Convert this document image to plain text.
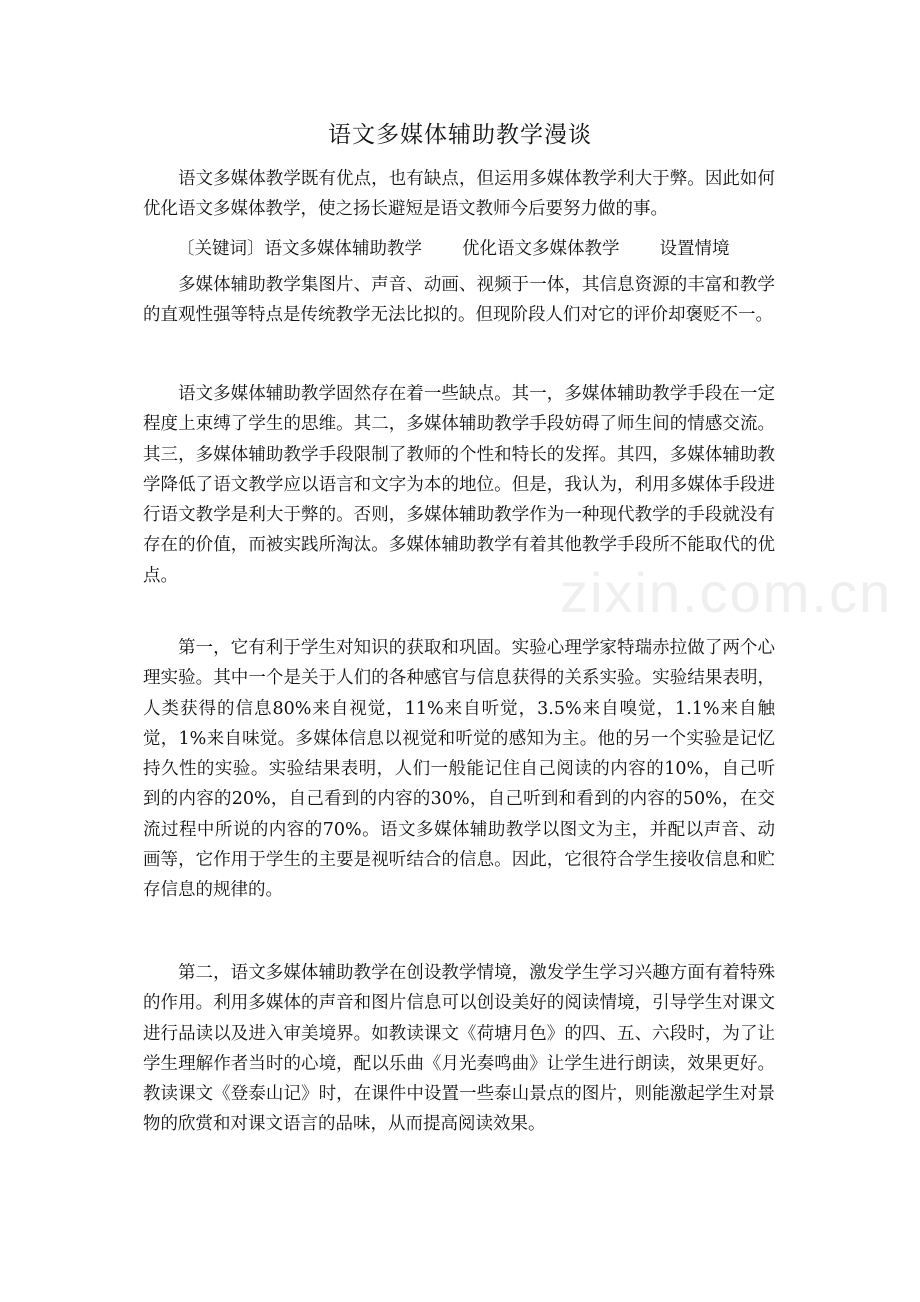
语文多媒体辅助教学漫谈

语文多媒体教学既有优点，也有缺点，但运用多媒体教学利大于弊。因此如何优化语文多媒体教学，使之扬长避短是语文教师今后要努力做的事。

〔关键词〕语文多媒体辅助教学 优化语文多媒体教学 设置情境

多媒体辅助教学集图片、声音、动画、视频于一体，其信息资源的丰富和教学的直观性强等特点是传统教学无法比拟的。但现阶段人们对它的评价却褒贬不一。

语文多媒体辅助教学固然存在着一些缺点。其一，多媒体辅助教学手段在一定程度上束缚了学生的思维。其二，多媒体辅助教学手段妨碍了师生间的情感交流。其三，多媒体辅助教学手段限制了教师的个性和特长的发挥。其四，多媒体辅助教学降低了语文教学应以语言和文字为本的地位。但是，我认为，利用多媒体手段进行语文教学是利大于弊的。否则，多媒体辅助教学作为一种现代教学的手段就没有存在的价值，而被实践所淘汰。多媒体辅助教学有着其他教学手段所不能取代的优点。

第一，它有利于学生对知识的获取和巩固。实验心理学家特瑞赤拉做了两个心理实验。其中一个是关于人们的各种感官与信息获得的关系实验。实验结果表明，人类获得的信息80%来自视觉，11%来自听觉，3.5%来自嗅觉，1.1%来自触觉，1%来自味觉。多媒体信息以视觉和听觉的感知为主。他的另一个实验是记忆持久性的实验。实验结果表明，人们一般能记住自己阅读的内容的10%，自己听到的内容的20%，自己看到的内容的30%，自己听到和看到的内容的50%，在交流过程中所说的内容的70%。语文多媒体辅助教学以图文为主，并配以声音、动画等，它作用于学生的主要是视听结合的信息。因此，它很符合学生接收信息和贮存信息的规律的。

第二，语文多媒体辅助教学在创设教学情境，激发学生学习兴趣方面有着特殊的作用。利用多媒体的声音和图片信息可以创设美好的阅读情境，引导学生对课文进行品读以及进入审美境界。如教读课文《荷塘月色》的四、五、六段时，为了让学生理解作者当时的心境，配以乐曲《月光奏鸣曲》让学生进行朗读，效果更好。教读课文《登泰山记》时，在课件中设置一些泰山景点的图片，则能激起学生对景物的欣赏和对课文语言的品味，从而提高阅读效果。

zixin.com.cn
